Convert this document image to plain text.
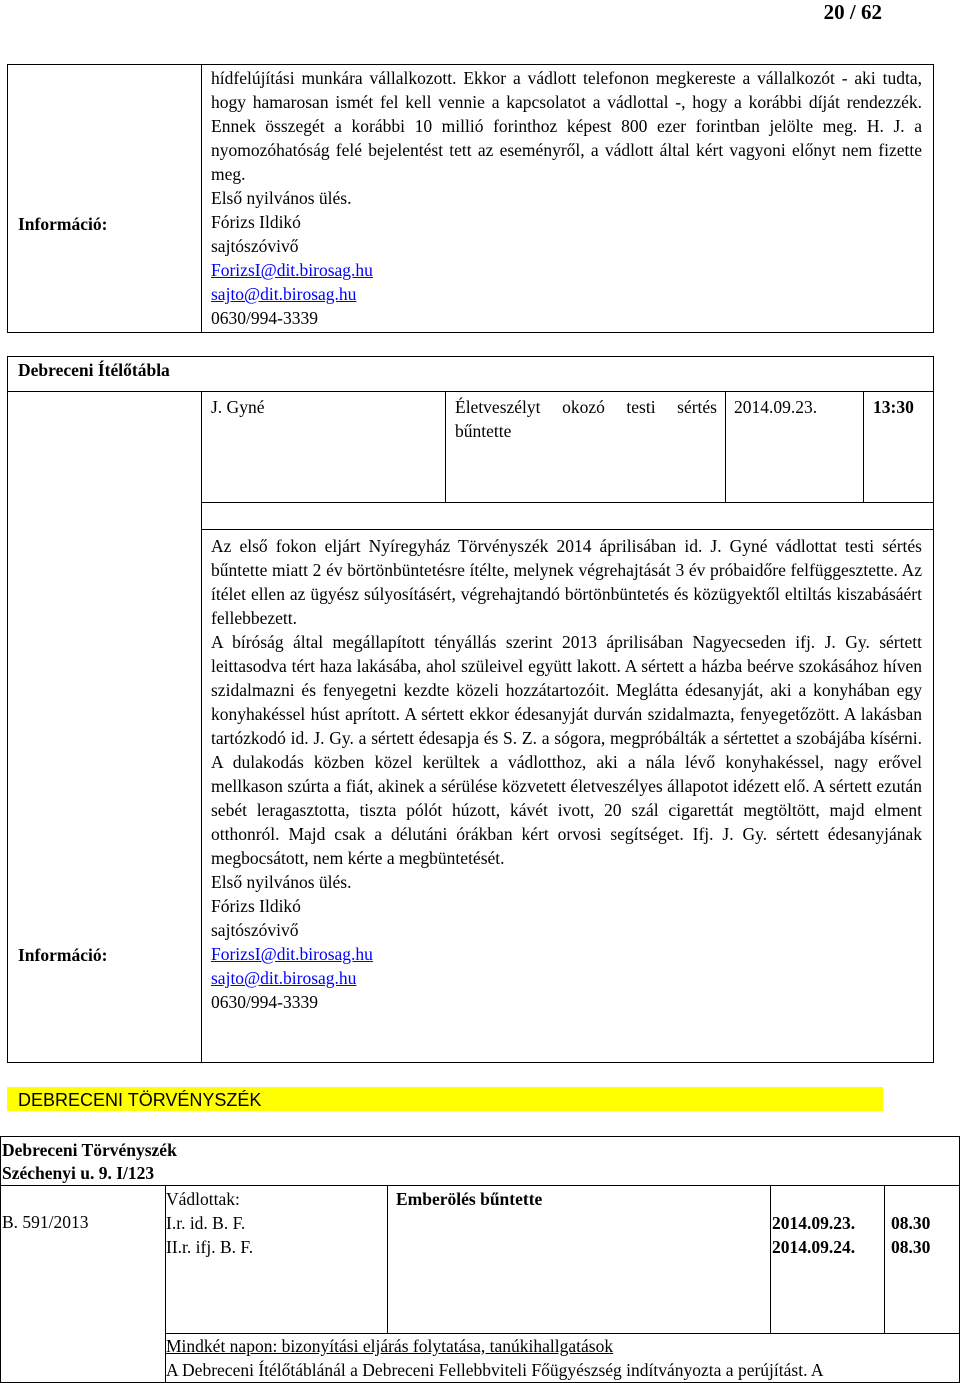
20 / 62
Információ:

hídfelújítási munkára vállalkozott. Ekkor a vádlott telefonon megkereste a vállalkozót - aki tudta, hogy hamarosan ismét fel kell vennie a kapcsolatot a vádlottal -, hogy a korábbi díját rendezzék. Ennek összegét a korábbi 10 millió forinthoz képest 800 ezer forintban jelölte meg. H. J. a nyomozóhatóság felé bejelentést tett az eseményről, a vádlott által kért vagyoni előnyt nem fizette meg.

Első nyilvános ülés.

Fórizs Ildikó

sajtószóvivő

ForizsI@dit.birosag.hu

sajto@dit.birosag.hu

0630/994-3339

Debreceni Ítélőtábla
J. Gyné	Életveszélyt okozó testi sértés bűntette
2014.09.23.	13:30
Információ:

Az első fokon eljárt Nyíregyház Törvényszék 2014 áprilisában id. J. Gyné vádlottat testi sértés bűntette miatt 2 év börtönbüntetésre ítélte, melynek végrehajtását 3 év próbaidőre felfüggesztette. Az ítélet ellen az ügyész súlyosításért, végrehajtandó börtönbüntetés és közügyektől eltiltás kiszabásáért fellebbezett.

A bíróság által megállapított tényállás szerint 2013 áprilisában Nagyecseden ifj. J. Gy. sértett leittasodva tért haza lakásába, ahol szüleivel együtt lakott. A sértett a házba beérve szokásához híven szidalmazni és fenyegetni kezdte közeli hozzátartozóit. Meglátta édesanyját, aki a konyhában egy konyhakéssel húst aprított. A sértett ekkor édesanyját durván szidalmazta, fenyegetőzött. A lakásban tartózkodó id. J. Gy. a sértett édesapja és S. Z. a sógora, megpróbálták a sértettet a szobájába kísérni. A dulakodás közben közel kerültek a vádlotthoz, aki a nála lévő konyhakéssel, nagy erővel mellkason szúrta a fiát, akinek a sérülése közvetett életveszélyes állapotot idézett elő. A sértett ezután sebét leragasztotta, tiszta pólót húzott, kávét ivott, 20 szál cigarettát megtöltött, majd elment otthonról. Majd csak a délutáni órákban kért orvosi segítséget. Ifj. J. Gy. sértett édesanyjának megbocsátott, nem kérte a megbüntetését.

Első nyilvános ülés.

Fórizs Ildikó

sajtószóvivő

ForizsI@dit.birosag.hu

sajto@dit.birosag.hu

0630/994-3339

DEBRECENI TÖRVÉNYSZÉK
Debreceni Törvényszék
Széchenyi u. 9. I/123
B. 591/2013
Vádlottak:
I.r. id. B. F.
II.r. ifj. B. F.
Emberölés bűntette
2014.09.23.
2014.09.24.
08.30
08.30
Mindkét napon: bizonyítási eljárás folytatása, tanúkihallgatások
A Debreceni Ítélőtáblánál a Debreceni Fellebbviteli Főügyészség indítványozta a perújítást. A
